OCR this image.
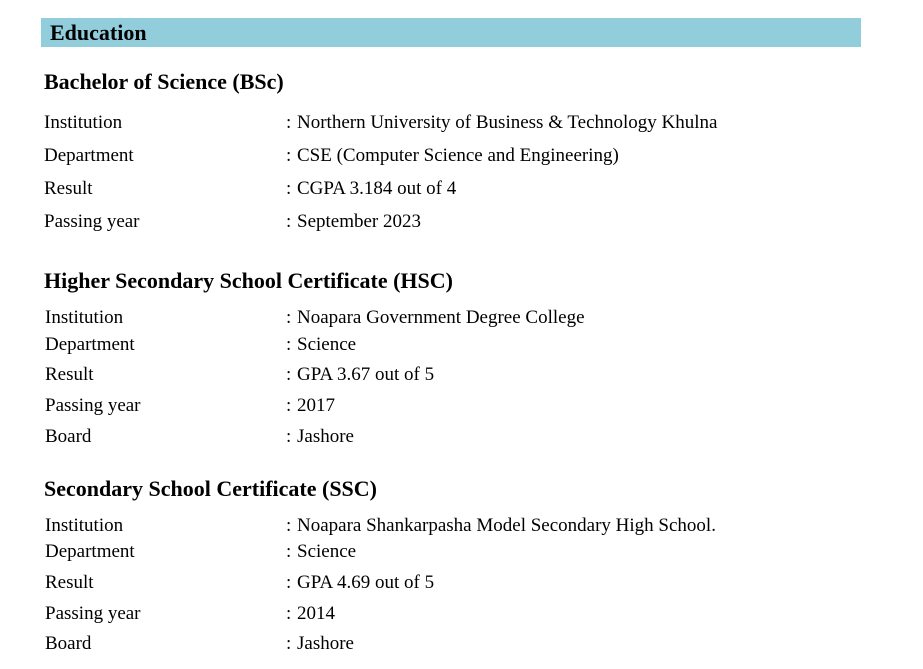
Education
Bachelor of Science (BSc)
Institution	: Northern University of Business & Technology Khulna
Department	: CSE (Computer Science and Engineering)
Result	: CGPA 3.184 out of 4
Passing year	: September 2023
Higher Secondary School Certificate (HSC)
Institution	: Noapara Government Degree College
Department	: Science
Result	: GPA 3.67 out of 5
Passing year	: 2017
Board	: Jashore
Secondary School Certificate (SSC)
Institution	: Noapara Shankarpasha Model Secondary High School.
Department	: Science
Result	: GPA 4.69 out of 5
Passing year	: 2014
Board	: Jashore
